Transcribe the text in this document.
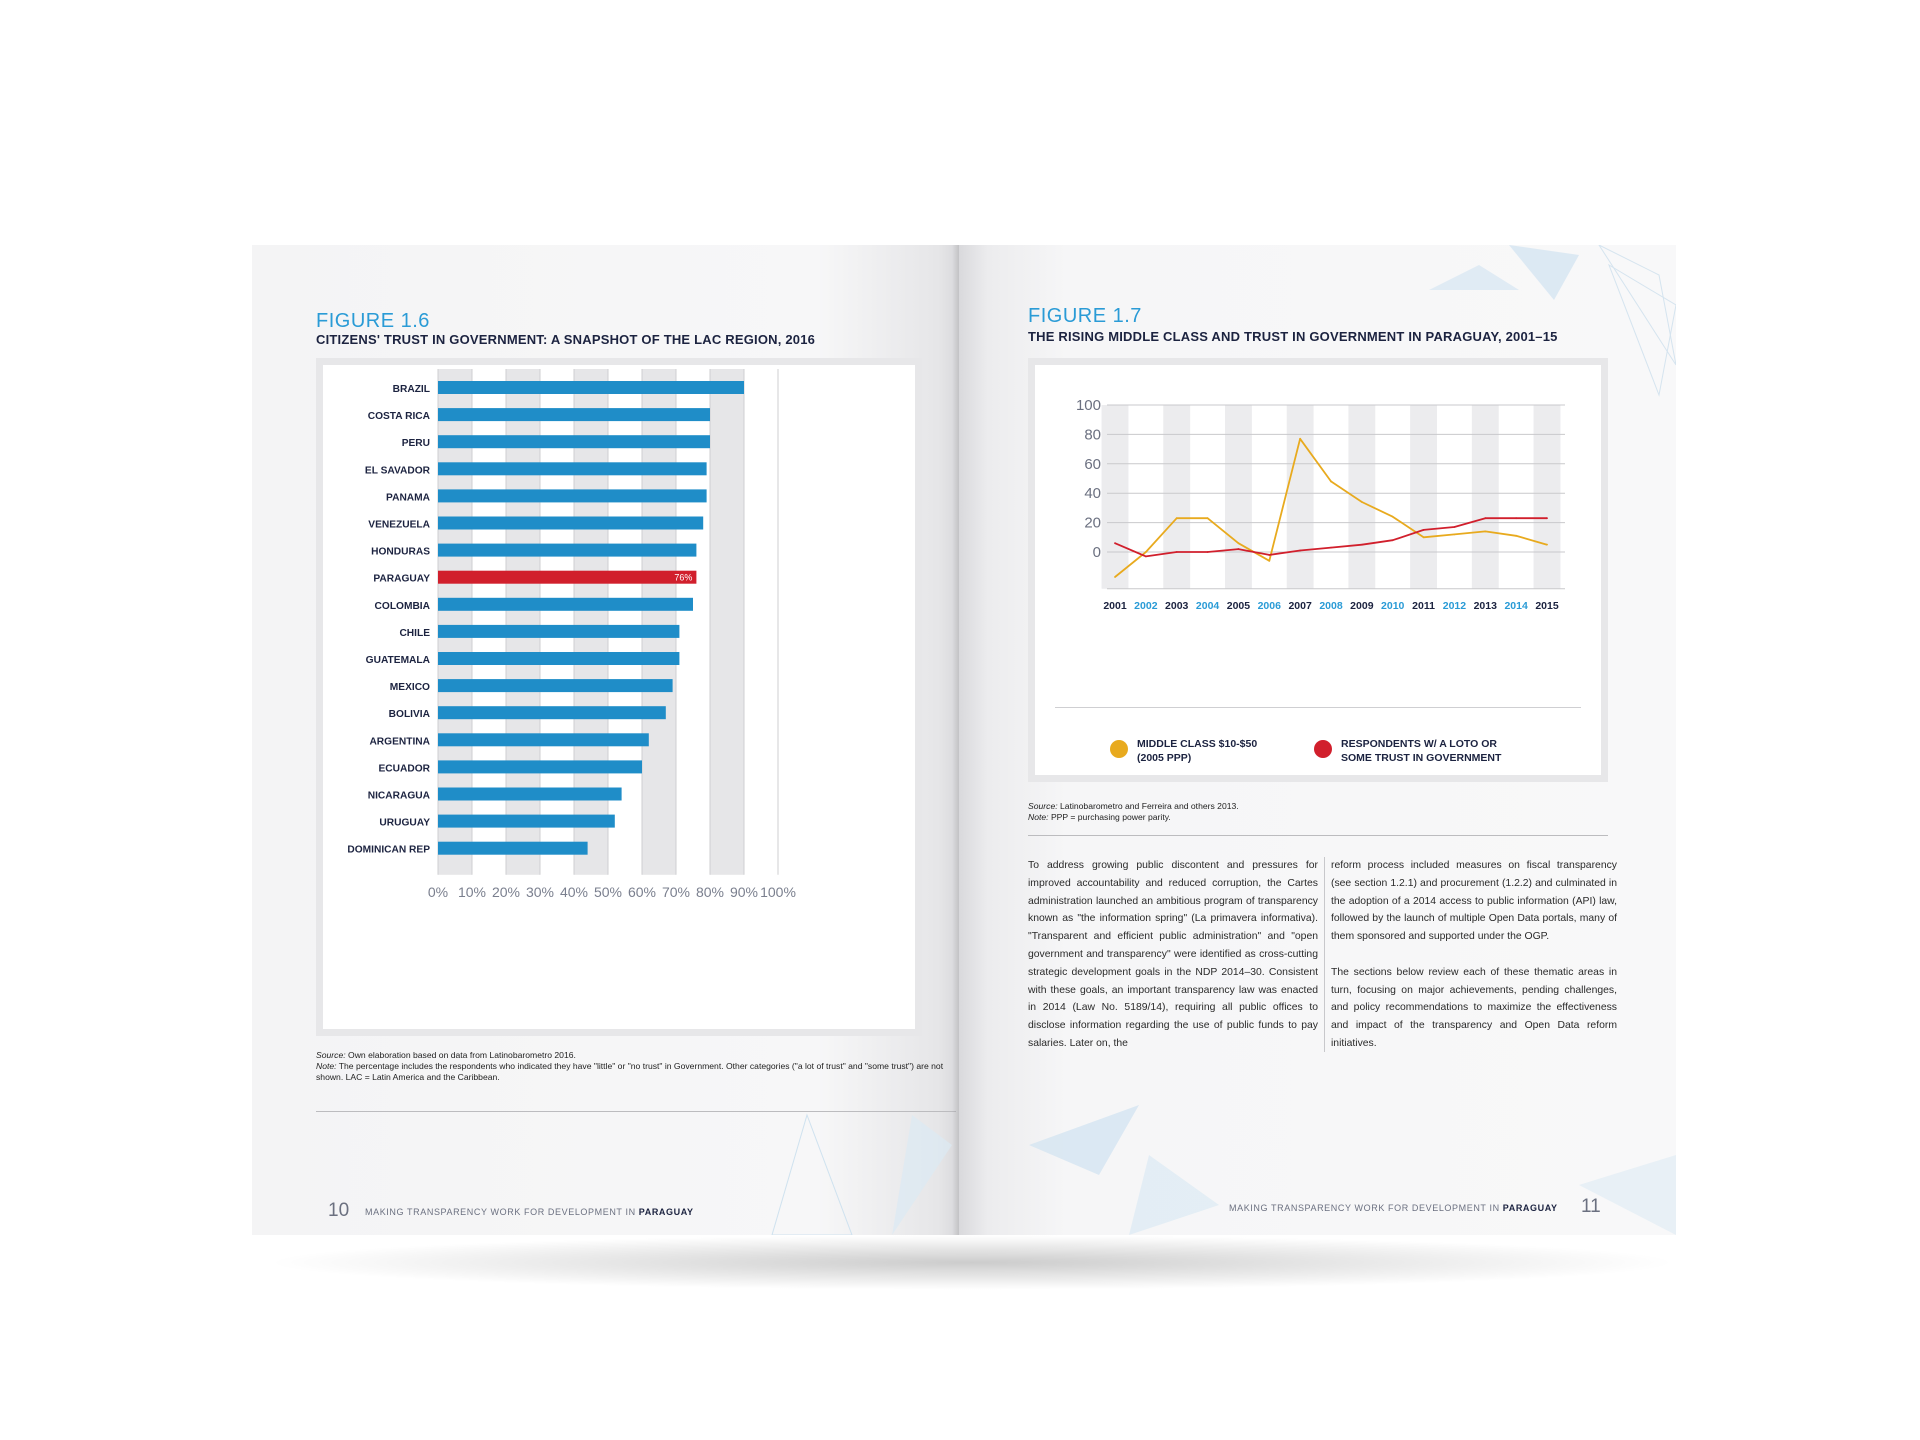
FIGURE 1.6
CITIZENS' TRUST IN GOVERNMENT: A SNAPSHOT OF THE LAC REGION, 2016
BRAZIL
COSTA RICA
PERU
EL SAVADOR
PANAMA
VENEZUELA
HONDURAS
PARAGUAY
COLOMBIA
CHILE
GUATEMALA
MEXICO
BOLIVIA
ARGENTINA
ECUADOR
NICARAGUA
URUGUAY
DOMINICAN REP
76%
0% 10% 20% 30% 40% 50% 60% 70% 80% 90% 100%
Source: Own elaboration based on data from Latinobarometro 2016.
Note: The percentage includes the respondents who indicated they have "little" or "no trust" in Government. Other categories ("a lot of trust" and "some trust") are not shown. LAC = Latin America and the Caribbean.
10 MAKING TRANSPARENCY WORK FOR DEVELOPMENT IN PARAGUAY
FIGURE 1.7
THE RISING MIDDLE CLASS AND TRUST IN GOVERNMENT IN PARAGUAY, 2001–15
0
20
40
60
80
100
2001 2002 2003 2004 2005 2006 2007 2008 2009 2010 2011 2012 2013 2014 2015
MIDDLE CLASS $10-$50
(2005 PPP)
RESPONDENTS W/ A LOTO OR
SOME TRUST IN GOVERNMENT
Source: Latinobarometro and Ferreira and others 2013.
Note: PPP = purchasing power parity.

To address growing public discontent and pressures for improved accountability and reduced corruption, the Cartes administration launched an ambitious program of transparency known as "the information spring" (La primavera informativa). "Transparent and efficient public administration" and "open government and transparency" were identified as cross-cutting strategic development goals in the NDP 2014–30. Consistent with these goals, an important transparency law was enacted in 2014 (Law No. 5189/14), requiring all public offices to disclose information regarding the use of public funds to pay salaries. Later on, the

reform process included measures on fiscal transparency (see section 1.2.1) and procurement (1.2.2) and culminated in the adoption of a 2014 access to public information (API) law, followed by the launch of multiple Open Data portals, many of them sponsored and supported under the OGP.

The sections below review each of these thematic areas in turn, focusing on major achievements, pending challenges, and policy recommendations to maximize the effectiveness and impact of the transparency and Open Data reform initiatives.

MAKING TRANSPARENCY WORK FOR DEVELOPMENT IN PARAGUAY 11
